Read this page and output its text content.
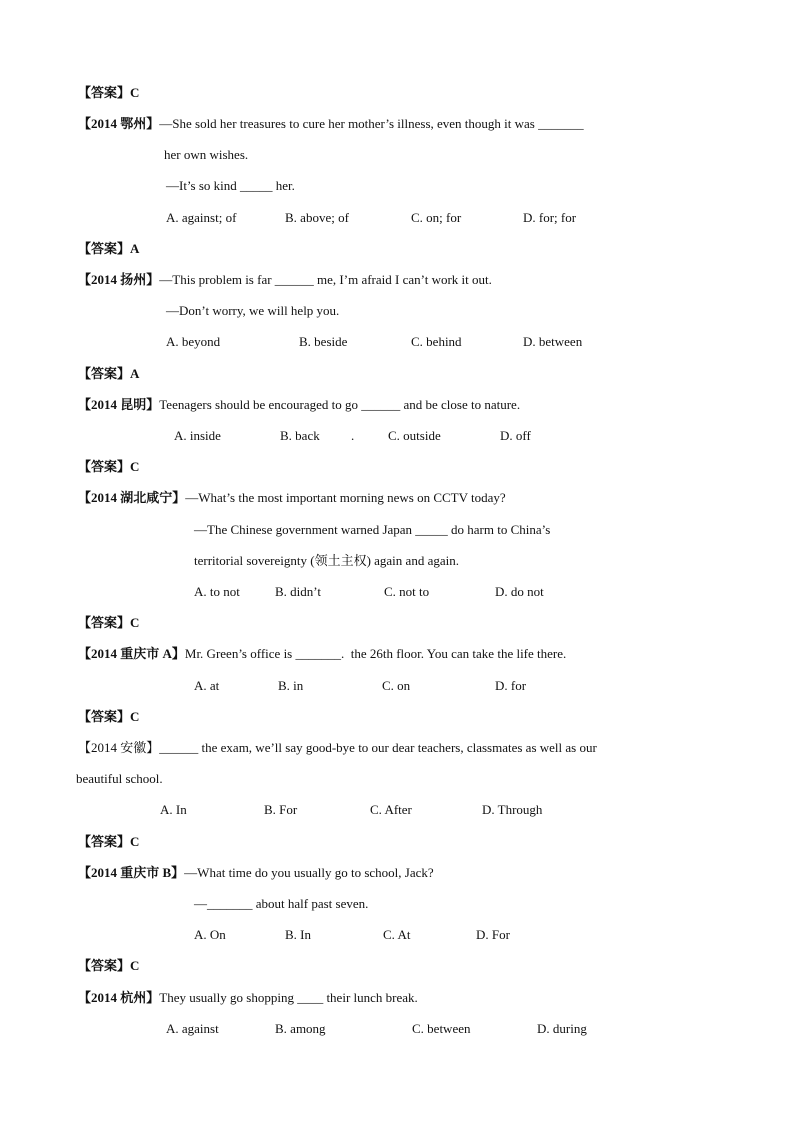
【答案】C
【2014 鄂州】—She sold her treasures to cure her mother’s illness, even though it was _______
her own wishes.
—It’s so kind _____ her.
A. against; of	B. above; of	C. on; for	D. for; for
【答案】A
【2014 扬州】—This problem is far ______ me, I’m afraid I can’t work it out.
—Don’t worry, we will help you.
A. beyond	B. beside	C. behind	D. between
【答案】A
【2014 昆明】Teenagers should be encouraged to go ______ and be close to nature.
A. inside	B. back .	C. outside	D. off
【答案】C
【2014 湖北咸宁】—What’s the most important morning news on CCTV today?
—The Chinese government warned Japan _____ do harm to China’s
territorial sovereignty (领土主权) again and again.
A. to not	B. didn’t	C. not to	D. do not
【答案】C
【2014 重庆市 A】Mr. Green’s office is _______.  the 26th floor. You can take the life there.
A. at	B. in	C. on	D. for
【答案】C
【2014 安徽】______ the exam, we’ll say good-bye to our dear teachers, classmates as well as our
beautiful school.
A. In	B. For	C. After	D. Through
【答案】C
【2014 重庆市 B】—What time do you usually go to school, Jack?
—_______ about half past seven.
A. On	B. In	C. At	D. For
【答案】C
【2014 杭州】They usually go shopping ____ their lunch break.
A. against	B. among	C. between	D. during
